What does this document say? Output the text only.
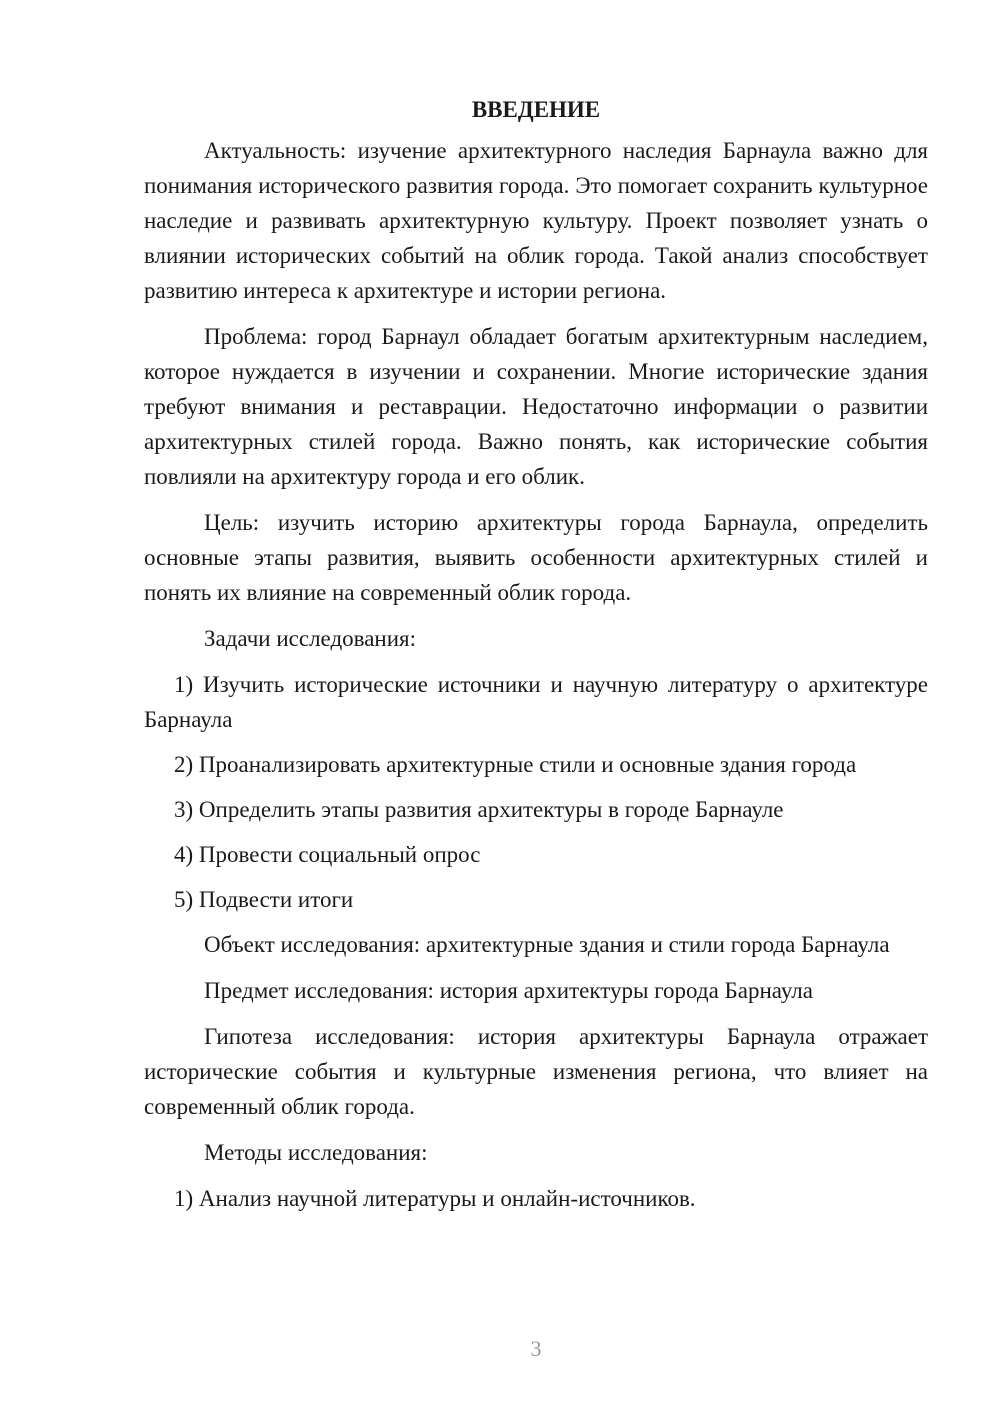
ВВЕДЕНИЕ

Актуальность: изучение архитектурного наследия Барнаула важно для понимания исторического развития города. Это помогает сохранить культурное наследие и развивать архитектурную культуру. Проект позволяет узнать о влиянии исторических событий на облик города. Такой анализ способствует развитию интереса к архитектуре и истории региона.

Проблема: город Барнаул обладает богатым архитектурным наследием, которое нуждается в изучении и сохранении. Многие исторические здания требуют внимания и реставрации. Недостаточно информации о развитии архитектурных стилей города. Важно понять, как исторические события повлияли на архитектуру города и его облик.

Цель: изучить историю архитектуры города Барнаула, определить основные этапы развития, выявить особенности архитектурных стилей и понять их влияние на современный облик города.

Задачи исследования:

1) Изучить исторические источники и научную литературу о архитектуре Барнаула

2) Проанализировать архитектурные стили и основные здания города

3) Определить этапы развития архитектуры в городе Барнауле

4) Провести социальный опрос

5) Подвести итоги

Объект исследования: архитектурные здания и стили города Барнаула

Предмет исследования: история архитектуры города Барнаула

Гипотеза исследования: история архитектуры Барнаула отражает исторические события и культурные изменения региона, что влияет на современный облик города.

Методы исследования:

1) Анализ научной литературы и онлайн-источников.

3
